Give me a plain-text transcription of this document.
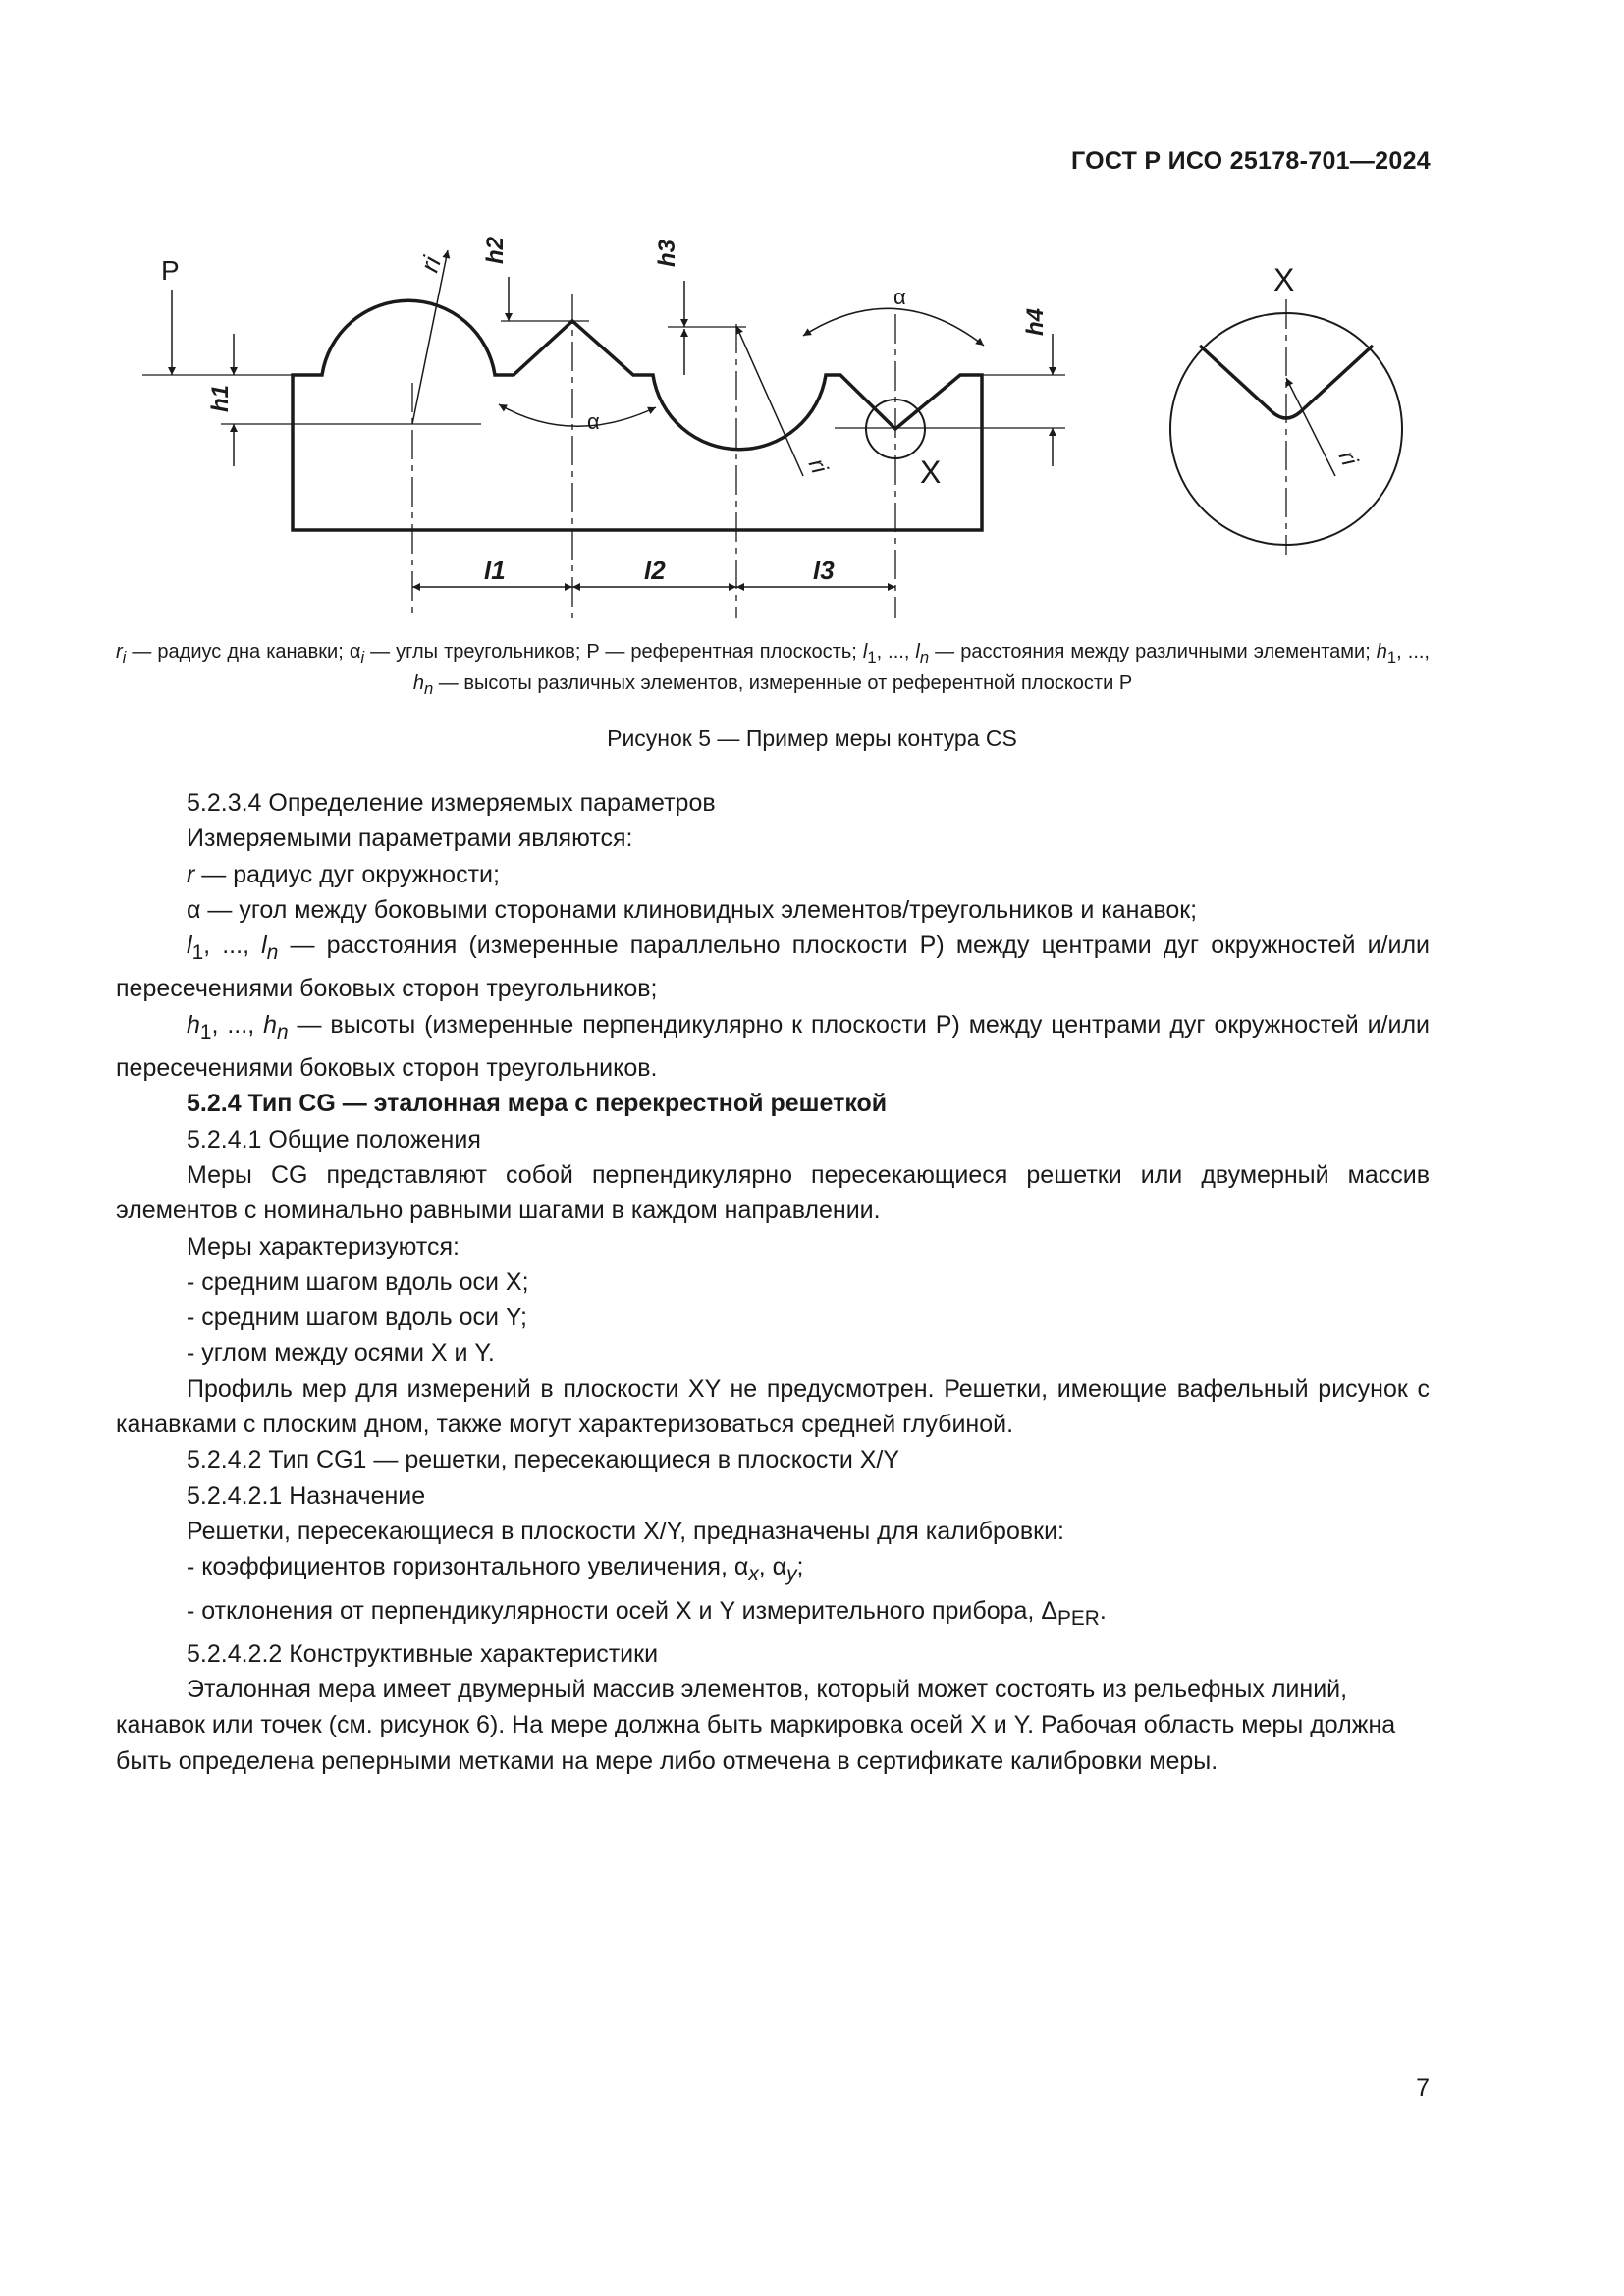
ГОСТ Р ИСО 25178-701—2024
P
h1
h2	h3
h4
ri
ri	ri
α
α
X
X
l1	l2	l3
$r_i$ — радиус дна канавки; $\alpha_i$ — углы треугольников; P — референтная плоскость; $l_1$, ..., $l_n$ — расстояния между различными элементами; $h_1$, ..., $h_n$ — высоты различных элементов, измеренные от референтной плоскости P
Рисунок 5 — Пример меры контура CS

5.2.3.4 Определение измеряемых параметров

Измеряемыми параметрами являются:

r — радиус дуг окружности;

α — угол между боковыми сторонами клиновидных элементов/треугольников и канавок;

$l_1$, ..., $l_n$ — расстояния (измеренные параллельно плоскости P) между центрами дуг окружностей и/или пересечениями боковых сторон треугольников;

$h_1$, ..., $h_n$ — высоты (измеренные перпендикулярно к плоскости P) между центрами дуг окружностей и/или пересечениями боковых сторон треугольников.

5.2.4 Тип CG — эталонная мера с перекрестной решеткой

5.2.4.1 Общие положения

Меры CG представляют собой перпендикулярно пересекающиеся решетки или двумерный массив элементов с номинально равными шагами в каждом направлении.

Меры характеризуются:

- средним шагом вдоль оси X;

- средним шагом вдоль оси Y;

- углом между осями X и Y.

Профиль мер для измерений в плоскости XY не предусмотрен. Решетки, имеющие вафельный рисунок с канавками с плоским дном, также могут характеризоваться средней глубиной.

5.2.4.2 Тип CG1 — решетки, пересекающиеся в плоскости X/Y

5.2.4.2.1 Назначение

Решетки, пересекающиеся в плоскости X/Y, предназначены для калибровки:

- коэффициентов горизонтального увеличения, $\alpha_x$, $\alpha_y$;

- отклонения от перпендикулярности осей X и Y измерительного прибора, $\Delta_{PER}$.

5.2.4.2.2 Конструктивные характеристики

Эталонная мера имеет двумерный массив элементов, который может состоять из рельефных линий, канавок или точек (см. рисунок 6). На мере должна быть маркировка осей X и Y. Рабочая область меры должна быть определена реперными метками на мере либо отмечена в сертификате калибровки меры.

7
